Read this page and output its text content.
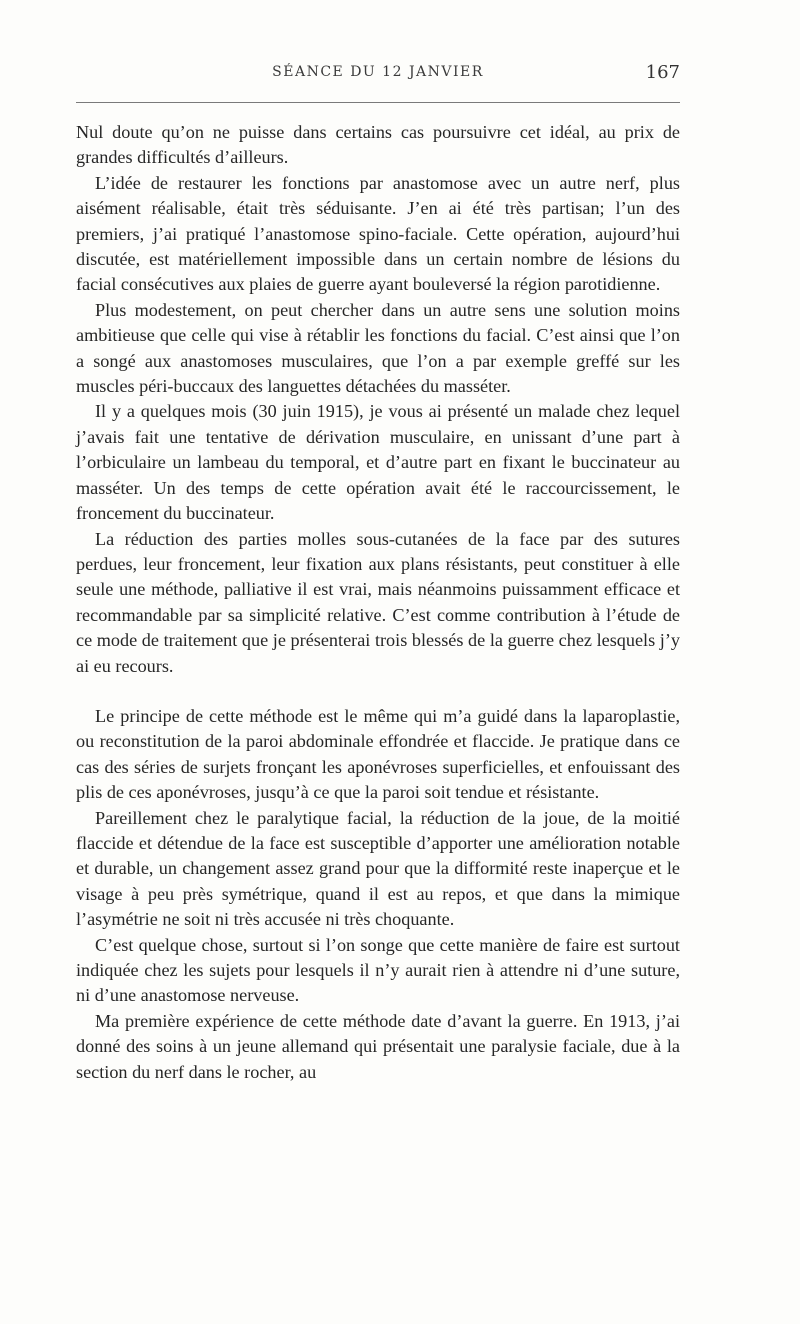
SÉANCE DU 12 JANVIER	167

Nul doute qu’on ne puisse dans certains cas poursuivre cet idéal, au prix de grandes difficultés d’ailleurs.

L’idée de restaurer les fonctions par anastomose avec un autre nerf, plus aisément réalisable, était très séduisante. J’en ai été très partisan; l’un des premiers, j’ai pratiqué l’anastomose spino-faciale. Cette opération, aujourd’hui discutée, est matériellement impossible dans un certain nombre de lésions du facial consécutives aux plaies de guerre ayant bouleversé la région parotidienne.

Plus modestement, on peut chercher dans un autre sens une solution moins ambitieuse que celle qui vise à rétablir les fonctions du facial. C’est ainsi que l’on a songé aux anastomoses musculaires, que l’on a par exemple greffé sur les muscles péri-buccaux des languettes détachées du masséter.

Il y a quelques mois (30 juin 1915), je vous ai présenté un malade chez lequel j’avais fait une tentative de dérivation musculaire, en unissant d’une part à l’orbiculaire un lambeau du temporal, et d’autre part en fixant le buccinateur au masséter. Un des temps de cette opération avait été le raccourcissement, le froncement du buccinateur.

La réduction des parties molles sous-cutanées de la face par des sutures perdues, leur froncement, leur fixation aux plans résistants, peut constituer à elle seule une méthode, palliative il est vrai, mais néanmoins puissamment efficace et recommandable par sa simplicité relative. C’est comme contribution à l’étude de ce mode de traitement que je présenterai trois blessés de la guerre chez lesquels j’y ai eu recours.

Le principe de cette méthode est le même qui m’a guidé dans la laparoplastie, ou reconstitution de la paroi abdominale effondrée et flaccide. Je pratique dans ce cas des séries de surjets fronçant les aponévroses superficielles, et enfouissant des plis de ces aponévroses, jusqu’à ce que la paroi soit tendue et résistante.

Pareillement chez le paralytique facial, la réduction de la joue, de la moitié flaccide et détendue de la face est susceptible d’apporter une amélioration notable et durable, un changement assez grand pour que la difformité reste inaperçue et le visage à peu près symétrique, quand il est au repos, et que dans la mimique l’asymétrie ne soit ni très accusée ni très choquante.

C’est quelque chose, surtout si l’on songe que cette manière de faire est surtout indiquée chez les sujets pour lesquels il n’y aurait rien à attendre ni d’une suture, ni d’une anastomose nerveuse.

Ma première expérience de cette méthode date d’avant la guerre. En 1913, j’ai donné des soins à un jeune allemand qui présentait une paralysie faciale, due à la section du nerf dans le rocher, au
